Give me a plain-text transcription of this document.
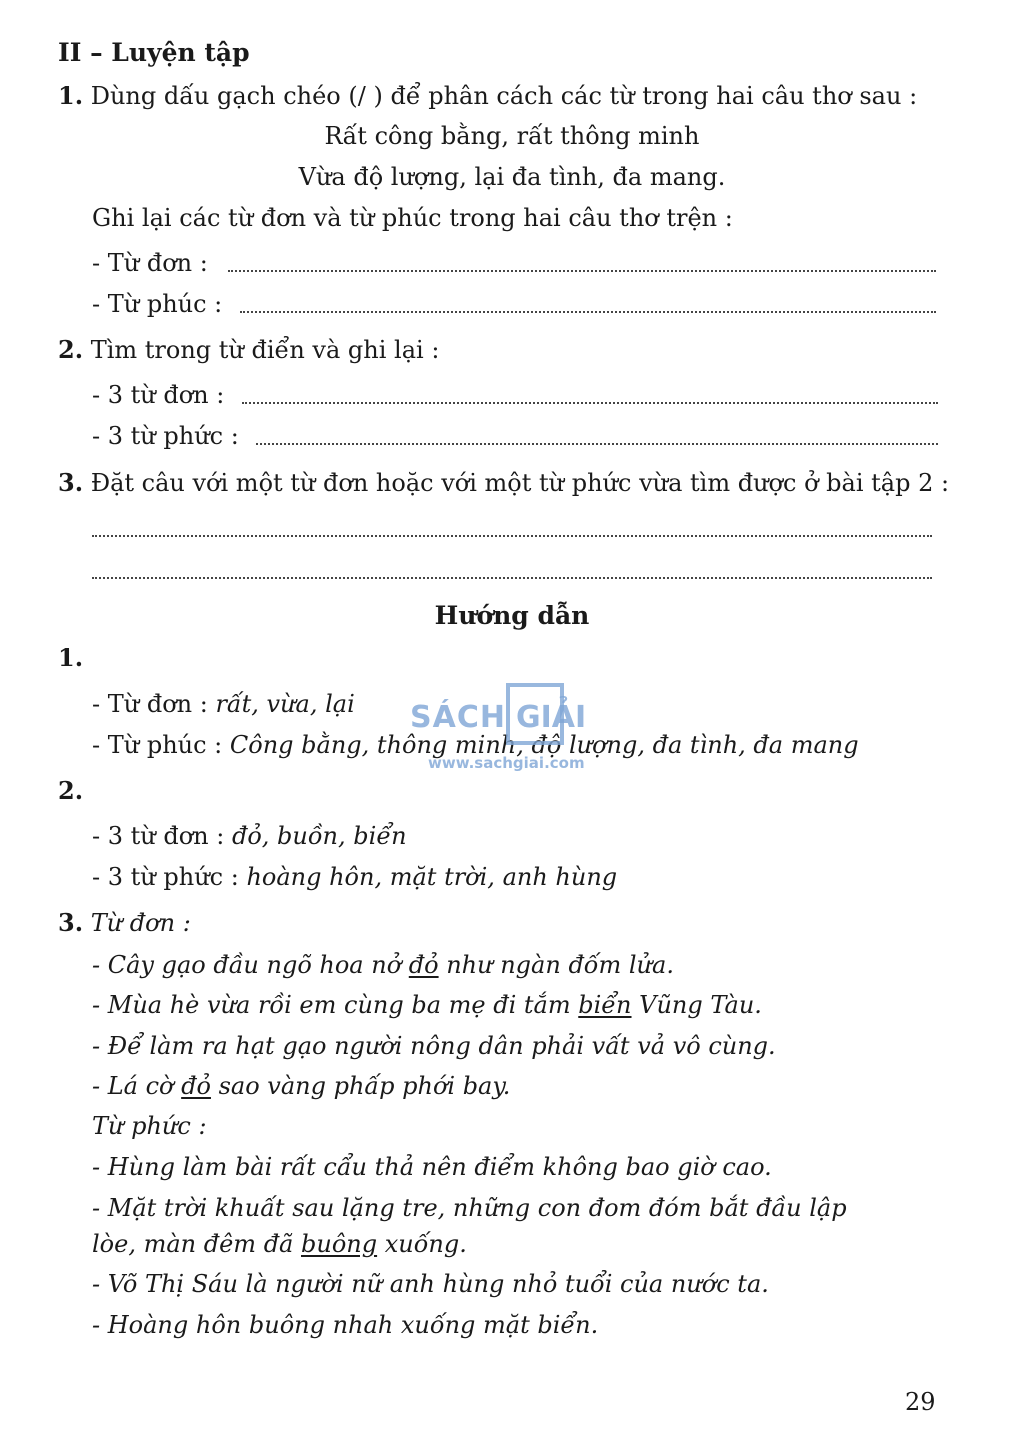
II – Luyện tập
1. Dùng dấu gạch chéo (/ ) để phân cách các từ trong hai câu thơ sau :
Rất công bằng, rất thông minh
Vừa độ lượng, lại đa tình, đa mang.
Ghi lại các từ đơn và từ phúc trong hai câu thơ trện :
- Từ đơn :
- Từ phúc :
2. Tìm trong từ điển và ghi lại :
- 3 từ đơn :
- 3 từ phức :
3. Đặt câu với một từ đơn hoặc với một từ phức vừa tìm được ở bài tập 2 :
Hướng dẫn
1.
- Từ đơn : rất, vừa, lại
- Từ phúc : Công bằng, thông minh, độ lượng, đa tình, đa mang
2.
- 3 từ đơn : đỏ, buồn, biển
- 3 từ phức : hoàng hôn, mặt trời, anh hùng
3. Từ đơn :
- Cây gạo đầu ngõ hoa nở đỏ như ngàn đốm lửa.
- Mùa hè vừa rồi em cùng ba mẹ đi tắm biển Vũng Tàu.
- Để làm ra hạt gạo người nông dân phải vất vả vô cùng.
- Lá cờ đỏ sao vàng phấp phới bay.
Từ phức :
- Hùng làm bài rất cẩu thả nên điểm không bao giờ cao.
- Mặt trời khuất sau lặng tre, những con đom đóm bắt đầu lập
lòe, màn đêm đã buông xuống.
- Võ Thị Sáu là người nữ anh hùng nhỏ tuổi của nước ta.
- Hoàng hôn buông nhah xuống mặt biển.
SÁCH GIẢI
www.sachgiai.com
29
